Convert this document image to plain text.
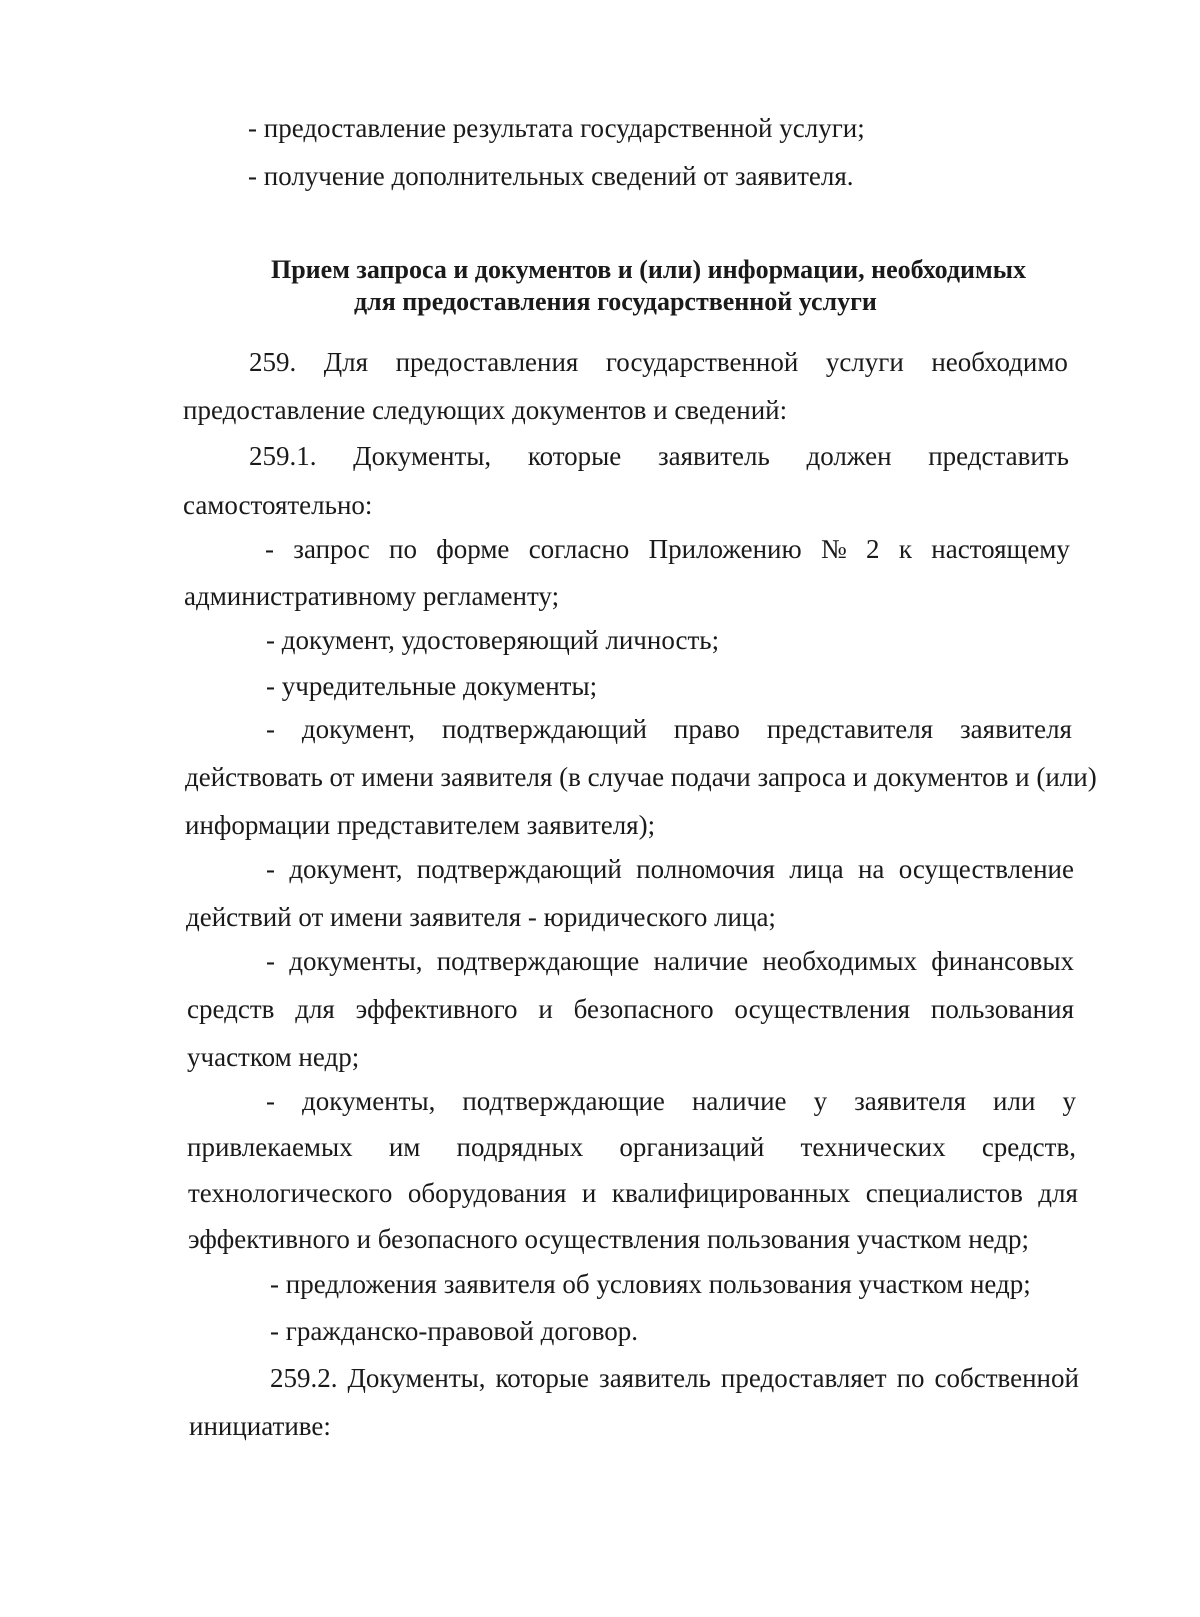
- предоставление результата государственной услуги;

- получение дополнительных сведений от заявителя.

Прием запроса и документов и (или) информации, необходимых

для предоставления государственной услуги

259. Для предоставления государственной услуги необходимо

предоставление следующих документов и сведений:

259.1. Документы, которые заявитель должен представить

самостоятельно:

- запрос по форме согласно Приложению № 2 к настоящему

административному регламенту;

- документ, удостоверяющий личность;

- учредительные документы;

- документ, подтверждающий право представителя заявителя

действовать от имени заявителя (в случае подачи запроса и документов и (или)

информации представителем заявителя);

- документ, подтверждающий полномочия лица на осуществление

действий от имени заявителя - юридического лица;

- документы, подтверждающие наличие необходимых финансовых
средств для эффективного и безопасного осуществления пользования

участком недр;

- документы, подтверждающие наличие у заявителя или у
привлекаемых им подрядных организаций технических средств,
технологического оборудования и квалифицированных специалистов для

эффективного и безопасного осуществления пользования участком недр;

- предложения заявителя об условиях пользования участком недр;

- гражданско-правовой договор.

259.2. Документы, которые заявитель предоставляет по собственной

инициативе:
